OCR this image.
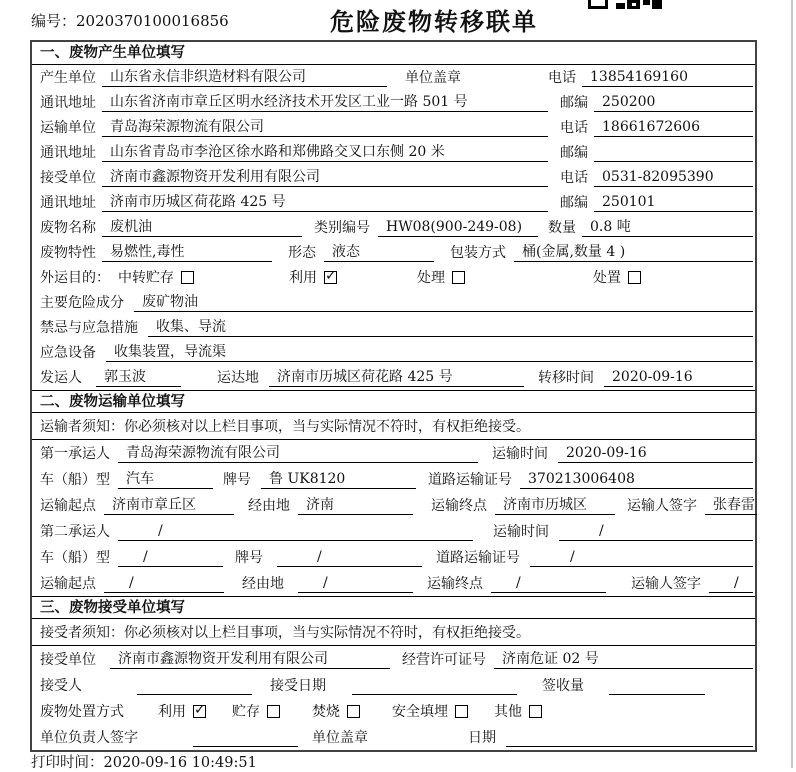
编号：2020370100016856	危险废物转移联单
一、废物产生单位填写
产生单位	山东省永信非织造材料有限公司	单位盖章	电话	13854169160
通讯地址	山东省济南市章丘区明水经济技术开发区工业一路 501 号	邮编	250200
运输单位	青岛海荣源物流有限公司	电话	18661672606
通讯地址	山东省青岛市李沧区徐水路和郑佛路交叉口东侧 20 米	邮编
接受单位	济南市鑫源物资开发利用有限公司	电话	0531-82095390
通讯地址	济南市历城区荷花路 425 号	邮编	250101
废物名称	废机油	类别编号	HW08(900-249-08)	数量	0.8 吨
废物特性	易燃性,毒性	形态	液态	包装方式	桶(金属,数量 4 )
外运目的： 中转贮存	利用 ✓	处理	处置
主要危险成分	废矿物油
禁忌与应急措施	收集、导流
应急设备	收集装置，导流渠
发运人	郭玉波	运达地	济南市历城区荷花路 425 号	转移时间	2020-09-16
二、废物运输单位填写
运输者须知：你必须核对以上栏目事项，当与实际情况不符时，有权拒绝接受。
第一承运人	青岛海荣源物流有限公司	运输时间	2020-09-16
车（船）型	汽车	牌号	鲁 UK8120	道路运输证号	370213006408
运输起点	济南市章丘区	经由地	济南	运输终点	济南市历城区	运输人签字	张春雷
第二承运人	/	运输时间	/
车（船）型	/	牌号	/	道路运输证号	/
运输起点	/	经由地	/	运输终点	/	运输人签字	/
三、废物接受单位填写
接受者须知：你必须核对以上栏目事项，当与实际情况不符时，有权拒绝接受。
接受单位	济南市鑫源物资开发利用有限公司	经营许可证号	济南危证 02 号
接受人	接受日期	签收量
废物处置方式 利用 ✓ 贮存	焚烧	安全填埋	其他
单位负责人签字	单位盖章	日期
打印时间：2020-09-16 10:49:51
